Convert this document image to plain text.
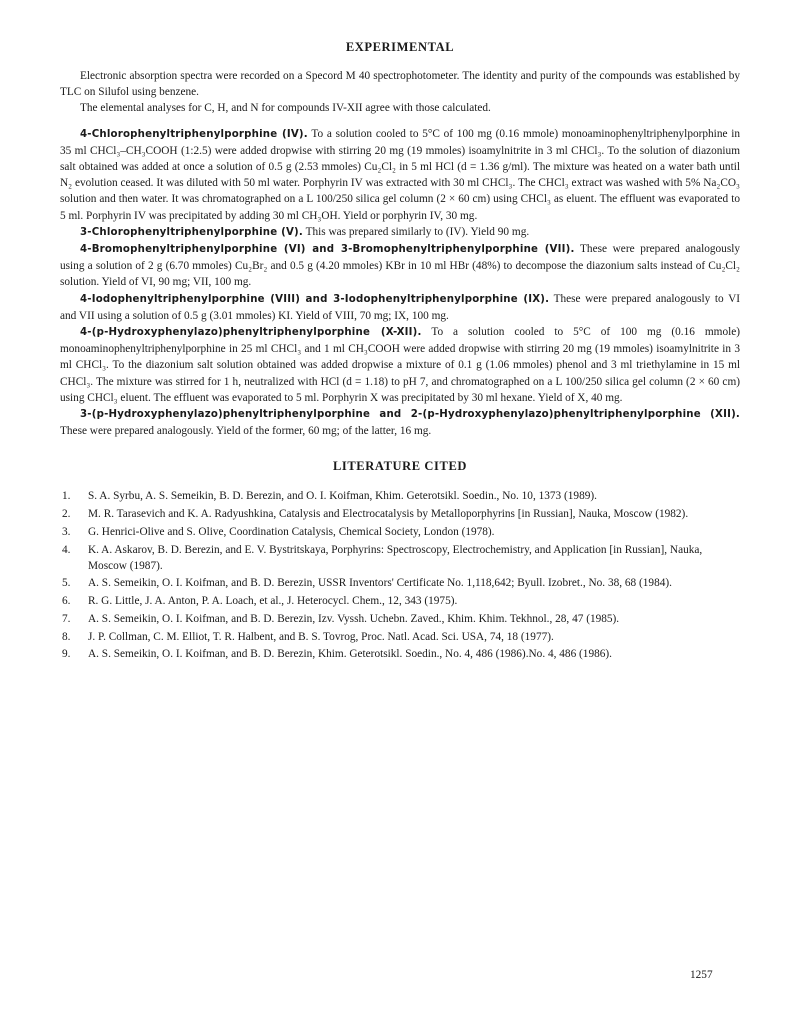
EXPERIMENTAL

Electronic absorption spectra were recorded on a Specord M 40 spectrophotometer. The identity and purity of the compounds was established by TLC on Silufol using benzene.

The elemental analyses for C, H, and N for compounds IV-XII agree with those calculated.

4-Chlorophenyltriphenylporphine (IV). To a solution cooled to 5°C of 100 mg (0.16 mmole) monoaminophenyltriphenylporphine in 35 ml CHCl₃–CH₃COOH (1:2.5) were added dropwise with stirring 20 mg (19 mmoles) isoamylnitrite in 3 ml CHCl₃. To the solution of diazonium salt obtained was added at once a solution of 0.5 g (2.53 mmoles) Cu₂Cl₂ in 5 ml HCl (d = 1.36 g/ml). The mixture was heated on a water bath until N₂ evolution ceased. It was diluted with 50 ml water. Porphyrin IV was extracted with 30 ml CHCl₃. The CHCl₃ extract was washed with 5% Na₂CO₃ solution and then water. It was chromatographed on a L 100/250 silica gel column (2 × 60 cm) using CHCl₃ as eluent. The effluent was evaporated to 5 ml. Porphyrin IV was precipitated by adding 30 ml CH₃OH. Yield or porphyrin IV, 30 mg.

3-Chlorophenyltriphenylporphine (V). This was prepared similarly to (IV). Yield 90 mg.

4-Bromophenyltriphenylporphine (VI) and 3-Bromophenyltriphenylporphine (VII). These were prepared analogously using a solution of 2 g (6.70 mmoles) Cu₂Br₂ and 0.5 g (4.20 mmoles) KBr in 10 ml HBr (48%) to decompose the diazonium salts instead of Cu₂Cl₂ solution. Yield of VI, 90 mg; VII, 100 mg.

4-Iodophenyltriphenylporphine (VIII) and 3-Iodophenyltriphenylporphine (IX). These were prepared analogously to VI and VII using a solution of 0.5 g (3.01 mmoles) KI. Yield of VIII, 70 mg; IX, 100 mg.

4-(p-Hydroxyphenylazo)phenyltriphenylporphine (X-XII). To a solution cooled to 5°C of 100 mg (0.16 mmole) monoaminophenyltriphenylporphine in 25 ml CHCl₃ and 1 ml CH₃COOH were added dropwise with stirring 20 mg (19 mmoles) isoamylnitrite in 3 ml CHCl₃. To the diazonium salt solution obtained was added dropwise a mixture of 0.1 g (1.06 mmoles) phenol and 3 ml triethylamine in 15 ml CHCl₃. The mixture was stirred for 1 h, neutralized with HCl (d = 1.18) to pH 7, and chromatographed on a L 100/250 silica gel column (2 × 60 cm) using CHCl₃ eluent. The effluent was evaporated to 5 ml. Porphyrin X was precipitated by 30 ml hexane. Yield of X, 40 mg.

3-(p-Hydroxyphenylazo)phenyltriphenylporphine and 2-(p-Hydroxyphenylazo)phenyltriphenylporphine (XII). These were prepared analogously. Yield of the former, 60 mg; of the latter, 16 mg.

LITERATURE CITED
1.	S. A. Syrbu, A. S. Semeikin, B. D. Berezin, and O. I. Koifman, Khim. Geterotsikl. Soedin., No. 10, 1373 (1989).
2.	M. R. Tarasevich and K. A. Radyushkina, Catalysis and Electrocatalysis by Metalloporphyrins [in Russian], Nauka, Moscow (1982).
3.	G. Henrici-Olive and S. Olive, Coordination Catalysis, Chemical Society, London (1978).
4.	K. A. Askarov, B. D. Berezin, and E. V. Bystritskaya, Porphyrins: Spectroscopy, Electrochemistry, and Application [in Russian], Nauka, Moscow (1987).
5.	A. S. Semeikin, O. I. Koifman, and B. D. Berezin, USSR Inventors' Certificate No. 1,118,642; Byull. Izobret., No. 38, 68 (1984).
6.	R. G. Little, J. A. Anton, P. A. Loach, et al., J. Heterocycl. Chem., 12, 343 (1975).
7.	A. S. Semeikin, O. I. Koifman, and B. D. Berezin, Izv. Vyssh. Uchebn. Zaved., Khim. Khim. Tekhnol., 28, 47 (1985).
8.	J. P. Collman, C. M. Elliot, T. R. Halbent, and B. S. Tovrog, Proc. Natl. Acad. Sci. USA, 74, 18 (1977).
9.	A. S. Semeikin, O. I. Koifman, and B. D. Berezin, Khim. Geterotsikl. Soedin., No. 4, 486 (1986).No. 4, 486 (1986).
1257
